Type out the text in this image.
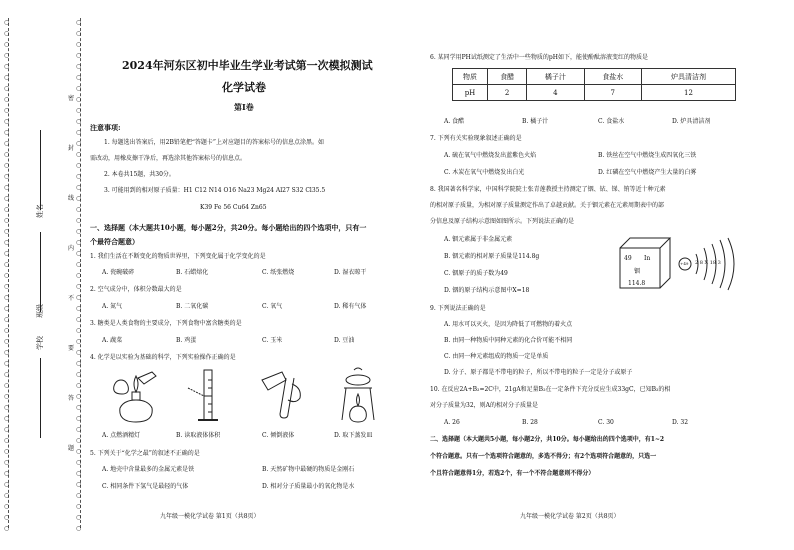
○
○
○
○
○
○
○
○
○
○
○
○
○
○
○
○
○
○
○
○
○
○
○
○
○
○
○
○
○
○
○
○
○
○
○
○
○
○
○
○
○
○
○
○
○
○
○
○
○
○
○
○
○
○
○
○
○
○
○
○
○
○
○
○
○
○
○
○
○
○
○
○
○
○
○
○
○
○
○
○
○
○
○
○
○
○
○
○
○
○
○
○
○
○
姓名
班级
学校
密
封
线
内
不
要
答
题
2024年河东区初中毕业生学业考试第一次模拟测试
化学试卷
第Ⅰ卷
注意事项:
1. 每题选出答案后，用2B铅笔把“答题卡”上对应题目的答案标号的信息点涂黑。如
需改动，用橡皮擦干净后，再选涂其他答案标号的信息点。
2. 本卷共15题，共30分。
3. 可能用到的相对原子质量：H1 C12 N14 O16 Na23 Mg24 Al27 S32 Cl35.5
K39 Fe 56 Cu64 Zn65
一、选择题（本大题共10小题，每小题2分，共20分。每小题给出的四个选项中，只有一
个最符合题意）
1. 我们生活在不断变化的物质世界里，下列变化属于化学变化的是
A. 瓷碗破碎	B. 石蜡熔化	C. 纸张燃烧	D. 湿衣晾干
2. 空气成分中，体积分数最大的是
A. 氮气	B. 二氧化碳	C. 氧气	D. 稀有气体
3. 糖类是人类食物的主要成分，下列食物中富含糖类的是
A. 蔬菜	B. 鸡蛋	C. 玉米	D. 豆油
4. 化学是以实验为基础的科学，下列实验操作正确的是
A. 点燃酒精灯	B. 读取液体体积	C. 倾倒液体	D. 取下蒸发皿
5. 下列关于“化学之最”的叙述不正确的是
A. 地壳中含量最多的金属元素是铁	B. 天然矿物中最硬的物质是金刚石
C. 相同条件下氢气是最轻的气体	D. 相对分子质量最小的氧化物是水
九年级一模化学试卷 第1页（共8页）
6. 某同学用PH试纸测定了生活中一些物质的pH如下，能使酚酞溶液变红的物质是
物质	食醋	橘子汁	食盐水	炉具清洁剂
pH	2	4	7	12
A. 食醋	B. 橘子汁	C. 食盐水	D. 炉具清洁剂
7. 下列有关实验现象叙述正确的是
A. 硫在氧气中燃烧发出蓝紫色火焰	B. 铁丝在空气中燃烧生成四氧化三铁
C. 木炭在氧气中燃烧发出白光	D. 红磷在空气中燃烧产生大量的白雾
8. 我国著名科学家，中国科学院院士张青莲教授主持测定了铟、铱、锑、铕等近十种元素
的相对原子质量，为相对原子质量测定作出了卓越贡献。关于铟元素在元素周期表中的部
分信息及原子结构示意图如图所示。下列说法正确的是
A. 铟元素属于非金属元素
B. 铟元素的相对原子质量是114.8g
C. 铟原子的质子数为49
D. 铟的原子结构示意图中X=18
49 In
铟
114.8
+49 2 8 X 18 3
9. 下列说法正确的是
A. 用水可以灭火，是因为降低了可燃物的着火点
B. 由同一种物质中同种元素的化合价可能不相同
C. 由同一种元素组成的物质一定是单质
D. 分子、原子都是不带电的粒子，所以不带电的粒子一定是分子或原子
10. 在反应2A+B₂=2C中，21gA和足量B₂在一定条件下充分反应生成33gC，已知B₂的相
对分子质量为32，则A的相对分子质量是
A. 26	B. 28	C. 30	D. 32
二、选择题（本大题共5小题，每小题2分，共10分。每小题给出的四个选项中，有1~2
个符合题意。只有一个选项符合题意的，多选不得分；有2个选项符合题意的，只选一
个且符合题意得1分，若选2个，有一个不符合题意则不得分）
九年级一模化学试卷 第2页（共8页）
